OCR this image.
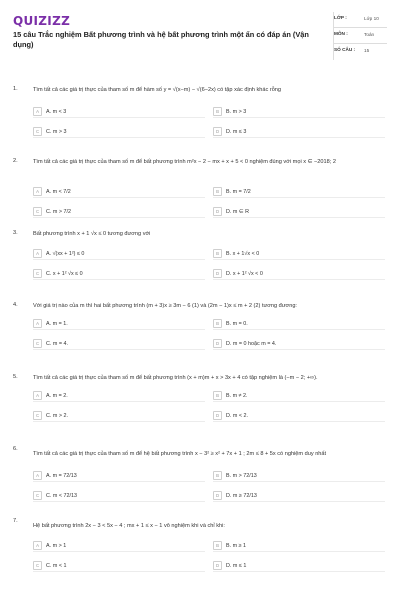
QUIZIZZ
15 câu Trắc nghiệm Bất phương trình và hệ bất phương trình một ẩn có đáp án (Vận dụng)
LỚP :	Lớp 10
MÔN :	Toán
SỐ CÂU :	15
1.	Tìm tất cả các giá trị thực của tham số m để hàm số y = √(x−m) − √(6−2x) có tập xác định khác rỗng
A	A. m < 3	B	B. m > 3
C	C. m > 3	D	D. m ≤ 3
2.	Tìm tất cả các giá trị thực của tham số m để bất phương trình m²x − 2 − mx + x + 5 < 0 nghiệm đúng với mọi x ∈ −2018; 2
A	A. m < 7/2	B	B. m = 7/2
C	C. m > 7/2	D	D. m ∈ R
3.	Bất phương trình x + 1 √x ≤ 0 tương đương với
A	A. √(xx + 1²) ≤ 0	B	B. x + 1√x < 0
C	C. x + 1² √x ≤ 0	D	D. x + 1² √x < 0
4.	Với giá trị nào của m thì hai bất phương trình (m + 3)x ≥ 3m − 6 (1) và (2m − 1)x ≤ m + 2 (2) tương đương:
A	A. m = 1.	B	B. m = 0.
C	C. m = 4.	D	D. m = 0 hoặc m = 4.
5.	Tìm tất cả các giá trị thực của tham số m để bất phương trình (x + m)m + x > 3x + 4 có tập nghiệm là (−m − 2; +∞).
A	A. m = 2.	B	B. m ≠ 2.
C	C. m > 2.	D	D. m < 2.
6.
Tìm tất cả các giá trị thực của tham số m để hệ bất phương trình x − 3² ≥ x² + 7x + 1 ; 2m ≤ 8 + 5x có nghiệm duy nhất
A	A. m = 72/13	B	B. m > 72/13
C	C. m < 72/13	D	D. m ≥ 72/13
7.
Hệ bất phương trình 2x − 3 < 5x − 4 ; mx + 1 ≤ x − 1 vô nghiệm khi và chỉ khi:
A	A. m > 1	B	B. m ≥ 1
C	C. m < 1	D	D. m ≤ 1
